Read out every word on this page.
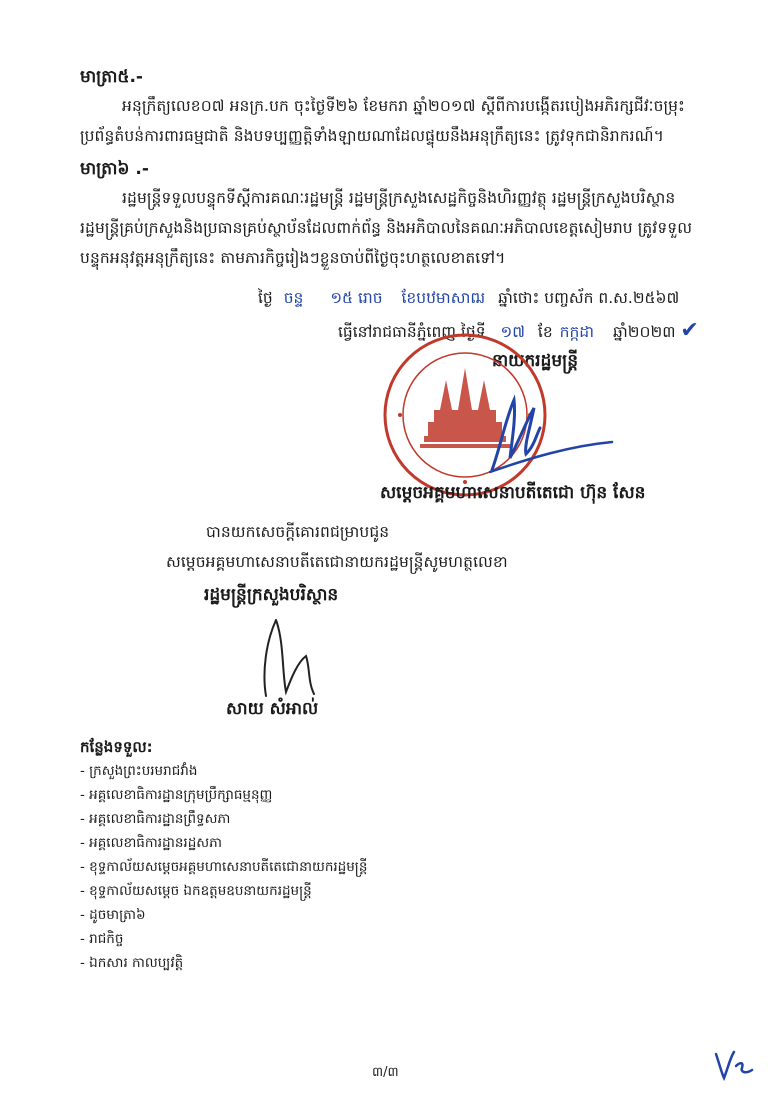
មាត្រា៥.-
អនុក្រឹត្យលេខ០៧ អនក្រ.បក ចុះថ្ងៃទី២៦ ខែមករា ឆ្នាំ២០១៧ ស្តីពីការបង្កើតរបៀងអភិរក្សជីវៈចម្រុះ
ប្រព័ន្ធតំបន់ការពារធម្មជាតិ និងបទប្បញ្ញត្តិទាំងឡាយណាដែលផ្ទុយនឹងអនុក្រឹត្យនេះ ត្រូវទុកជានិរាករណ៍។
មាត្រា៦ .-
រដ្ឋមន្ត្រីទទួលបន្ទុកទីស្តីការគណៈរដ្ឋមន្ត្រី រដ្ឋមន្ត្រីក្រសួងសេដ្ឋកិច្ចនិងហិរញ្ញវត្ថុ រដ្ឋមន្ត្រីក្រសួងបរិស្ថាន
រដ្ឋមន្ត្រីគ្រប់ក្រសួងនិងប្រធានគ្រប់ស្ថាប័នដែលពាក់ព័ន្ធ និងអភិបាលនៃគណៈអភិបាលខេត្តសៀមរាប ត្រូវទទួល
បន្ទុកអនុវត្តអនុក្រឹត្យនេះ តាមភារកិច្ចរៀងៗខ្លួនចាប់ពីថ្ងៃចុះហត្ថលេខាតទៅ។
ថ្ងៃ ចន្ទ ១៥ រោច ខែបឋមាសាឍ ឆ្នាំថោះ បញ្ចស័ក ព.ស.២៥៦៧
ធ្វើនៅរាជធានីភ្នំពេញ ថ្ងៃទី ១៧ ខែ កក្កដា ឆ្នាំ២០២៣ ✔
នាយករដ្ឋមន្ត្រី
សម្តេចអគ្គមហាសេនាបតីតេជោ ហ៊ុន សែន
បានយកសេចក្តីគោរពជម្រាបជូន
សម្តេចអគ្គមហាសេនាបតីតេជោនាយករដ្ឋមន្ត្រីសូមហត្ថលេខា
រដ្ឋមន្ត្រីក្រសួងបរិស្ថាន
សាយ សំអាល់
កន្លែងទទួល:
- ក្រសួងព្រះបរមរាជវាំង
- អគ្គលេខាធិការដ្ឋានក្រុមប្រឹក្សាធម្មនុញ្ញ
- អគ្គលេខាធិការដ្ឋានព្រឹទ្ធសភា
- អគ្គលេខាធិការដ្ឋានរដ្ឋសភា
- ខុទ្ទកាល័យសម្តេចអគ្គមហាសេនាបតីតេជោនាយករដ្ឋមន្ត្រី
- ខុទ្ទកាល័យសម្តេច ឯកឧត្តមឧបនាយករដ្ឋមន្ត្រី
- ដូចមាត្រា៦
- រាជកិច្ច
- ឯកសារ កាលប្បវត្តិ
៣/៣
